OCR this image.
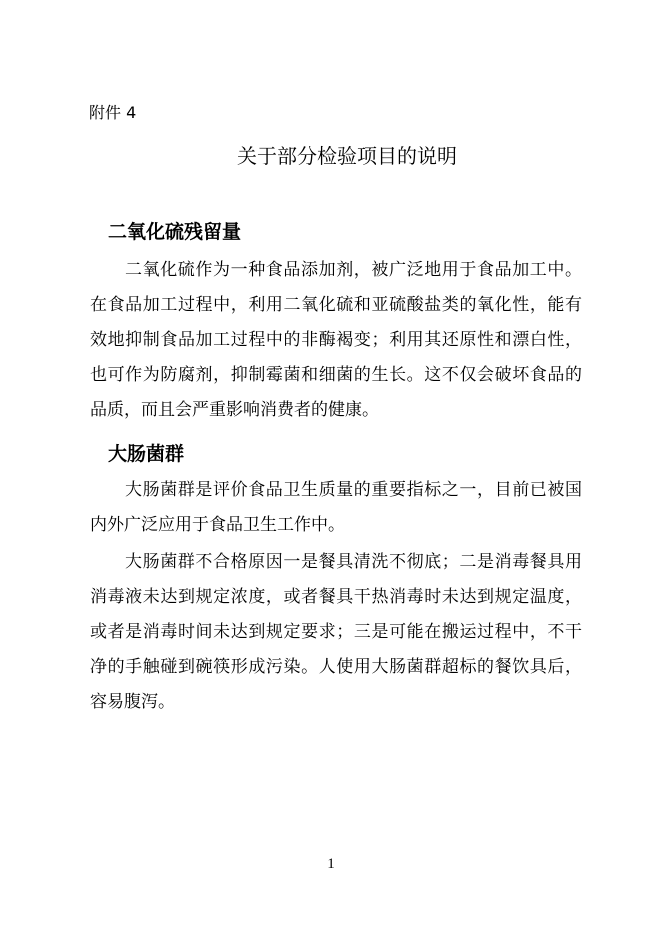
附件 4
关于部分检验项目的说明
二氧化硫残留量
二氧化硫作为一种食品添加剂，被广泛地用于食品加工中。在食品加工过程中，利用二氧化硫和亚硫酸盐类的氧化性，能有效地抑制食品加工过程中的非酶褐变；利用其还原性和漂白性，也可作为防腐剂，抑制霉菌和细菌的生长。这不仅会破坏食品的品质，而且会严重影响消费者的健康。
大肠菌群
大肠菌群是评价食品卫生质量的重要指标之一，目前已被国内外广泛应用于食品卫生工作中。
大肠菌群不合格原因一是餐具清洗不彻底；二是消毒餐具用消毒液未达到规定浓度，或者餐具干热消毒时未达到规定温度，或者是消毒时间未达到规定要求；三是可能在搬运过程中，不干净的手触碰到碗筷形成污染。人使用大肠菌群超标的餐饮具后，容易腹泻。
1
